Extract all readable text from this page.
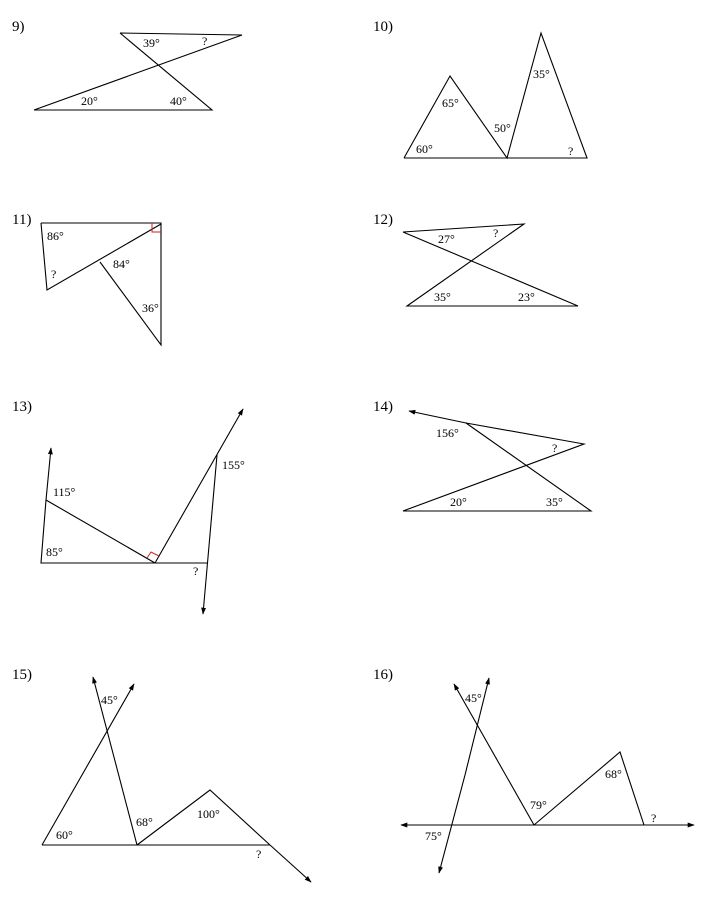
9)
39°	?
20°	40°
10)
65°
60°
50°
35°
?
11)
86°
?
84°
36°
12)
27°	?
35°	23°
13)
115°
85°
155°
?
14)
156°
?
20°	35°
15)
45°
60°
68°
100°
?
16)
45°
79°
68°
75°
?
